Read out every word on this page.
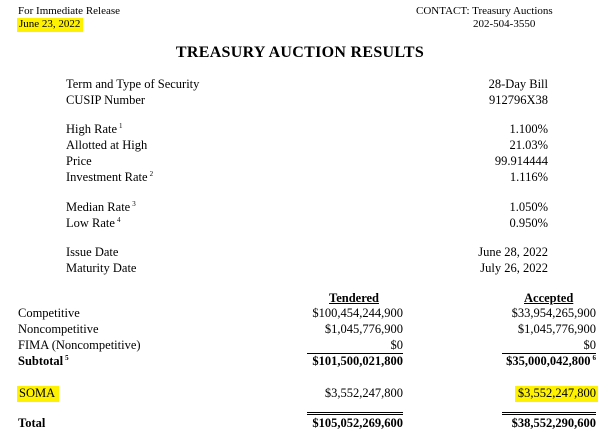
For Immediate Release
June 23, 2022
CONTACT: Treasury Auctions
202-504-3550
TREASURY AUCTION RESULTS
Term and Type of Security
CUSIP Number
High Rate $^1$
Allotted at High
Price
Investment Rate $^2$
Median Rate $^3$
Low Rate $^4$
Issue Date
Maturity Date
28-Day Bill
912796X38
1.100%
21.03%
99.914444
1.116%
1.050%
0.950%
June 28, 2022
July 26, 2022
Tendered	Accepted
Competitive
Noncompetitive
FIMA (Noncompetitive)
Subtotal $^5$
SOMA
Total
$100,454,244,900
$1,045,776,900
$0
$101,500,021,800
$3,552,247,800
$105,052,269,600
$33,954,265,900
$1,045,776,900
$0
$35,000,042,800 $^6$
$3,552,247,800
$38,552,290,600
